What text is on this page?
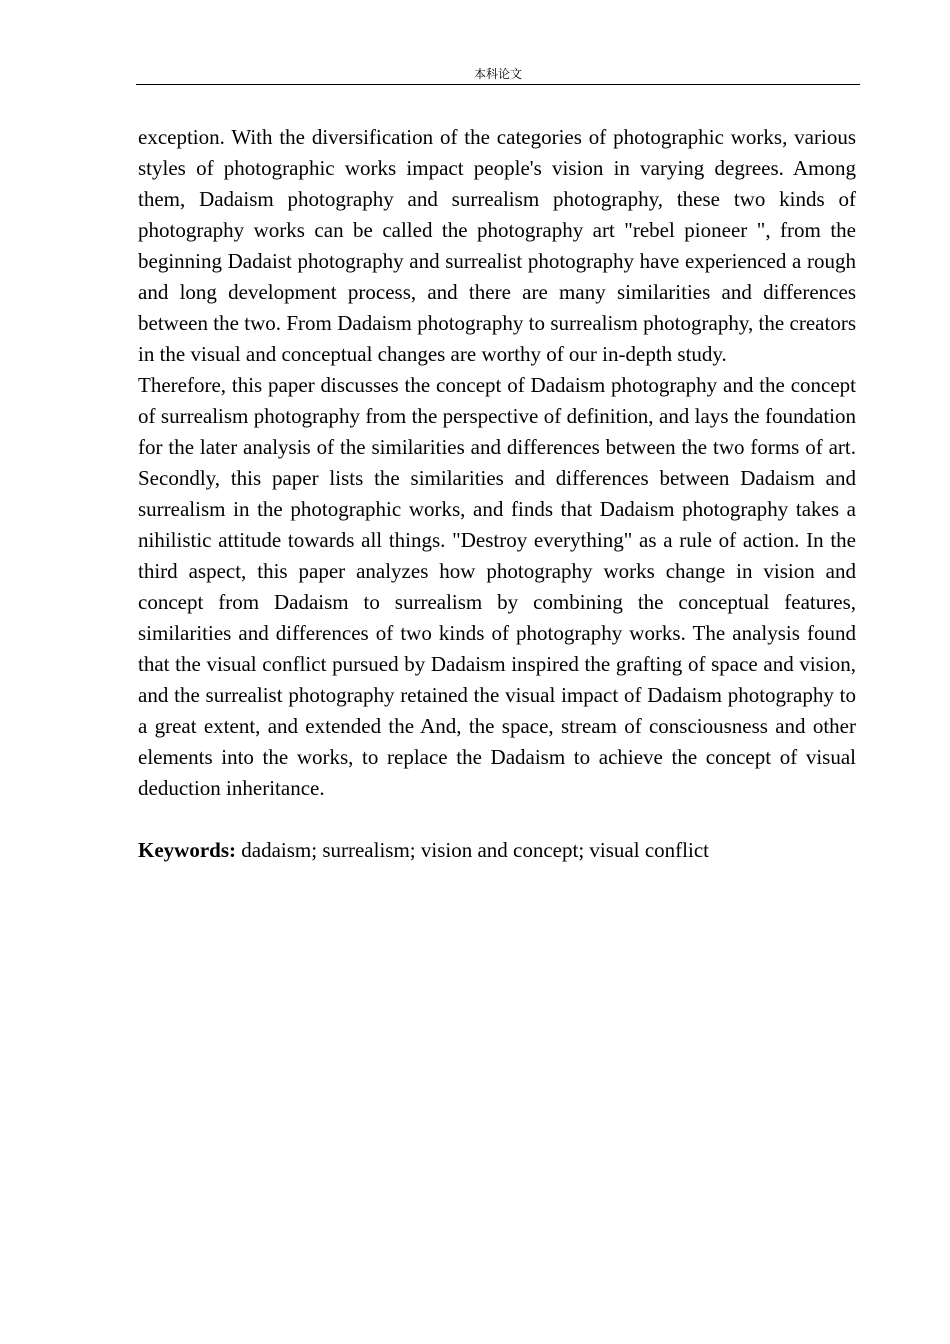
本科论文

exception. With the diversification of the categories of photographic works, various styles of photographic works impact people's vision in varying degrees. Among them, Dadaism photography and surrealism photography, these two kinds of photography works can be called the photography art "rebel pioneer ", from the beginning Dadaist photography and surrealist photography have experienced a rough and long development process, and there are many similarities and differences between the two. From Dadaism photography to surrealism photography, the creators in the visual and conceptual changes are worthy of our in-depth study.

Therefore, this paper discusses the concept of Dadaism photography and the concept of surrealism photography from the perspective of definition, and lays the foundation for the later analysis of the similarities and differences between the two forms of art. Secondly, this paper lists the similarities and differences between Dadaism and surrealism in the photographic works, and finds that Dadaism photography takes a nihilistic attitude towards all things. "Destroy everything" as a rule of action. In the third aspect, this paper analyzes how photography works change in vision and concept from Dadaism to surrealism by combining the conceptual features, similarities and differences of two kinds of photography works. The analysis found that the visual conflict pursued by Dadaism inspired the grafting of space and vision, and the surrealist photography retained the visual impact of Dadaism photography to a great extent, and extended the And, the space, stream of consciousness and other elements into the works, to replace the Dadaism to achieve the concept of visual deduction inheritance.

Keywords: dadaism; surrealism; vision and concept; visual conflict
